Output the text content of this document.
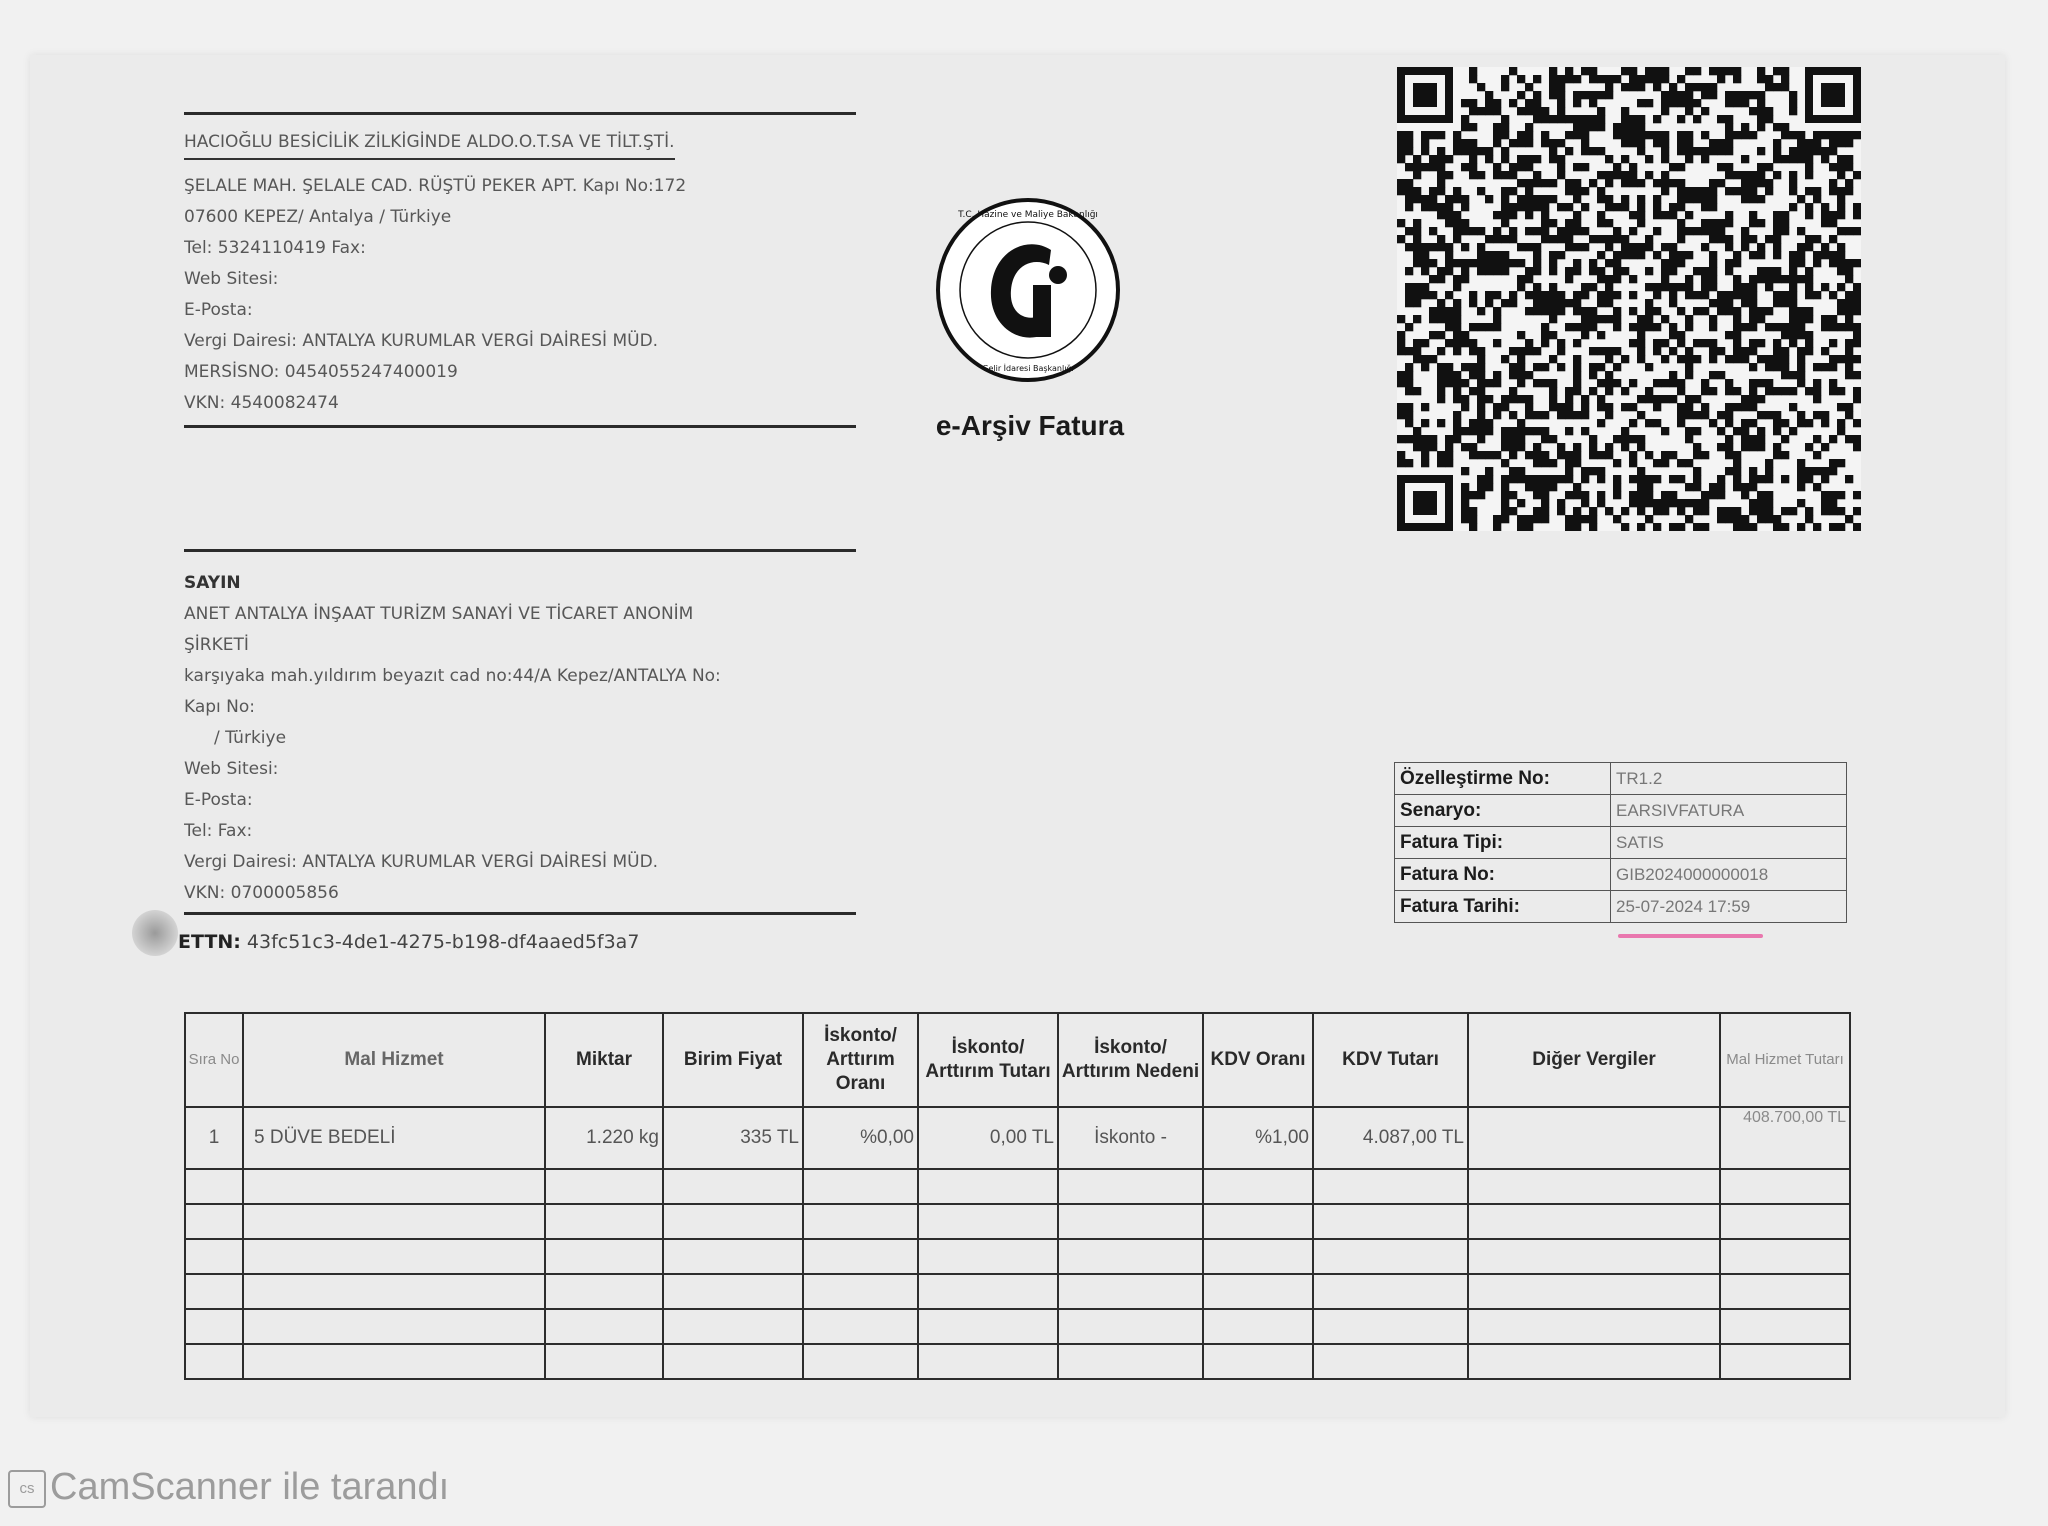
HACIOĞLU BESİCİLİK ZİLKİGİNDE ALDO.O.T.SA VE TİLT.ŞTİ.
ŞELALE MAH. ŞELALE CAD. RÜŞTÜ PEKER APT. Kapı No:172
07600 KEPEZ/ Antalya / Türkiye
Tel: 5324110419 Fax:
Web Sitesi:
E-Posta:
Vergi Dairesi: ANTALYA KURUMLAR VERGİ DAİRESİ MÜD.
MERSİSNO: 0454055247400019
VKN: 4540082474
T.C. Hazine ve Maliye Bakanlığı
Gelir İdaresi Başkanlığı
e-Arşiv Fatura
SAYIN
ANET ANTALYA İNŞAAT TURİZM SANAYİ VE TİCARET ANONİM
ŞİRKETİ
karşıyaka mah.yıldırım beyazıt cad no:44/A Kepez/ANTALYA No:
Kapı No:
/ Türkiye
Web Sitesi:
E-Posta:
Tel: Fax:
Vergi Dairesi: ANTALYA KURUMLAR VERGİ DAİRESİ MÜD.
VKN: 0700005856
ETTN: 43fc51c3-4de1-4275-b198-df4aaed5f3a7
Özelleştirme No:	TR1.2
Senaryo:	EARSIVFATURA
Fatura Tipi:	SATIS
Fatura No:	GIB2024000000018
Fatura Tarihi:	25-07-2024 17:59
Sıra No	Mal Hizmet	Miktar	Birim Fiyat	İskonto/ Arttırım Oranı	İskonto/ Arttırım Tutarı	İskonto/ Arttırım Nedeni	KDV Oranı	KDV Tutarı	Diğer Vergiler	Mal Hizmet Tutarı
1	5 DÜVE BEDELİ	1.220 kg	335 TL	%0,00	0,00 TL	İskonto -	%1,00	4.087,00 TL		408.700,00 TL

cs CamScanner ile tarandı
